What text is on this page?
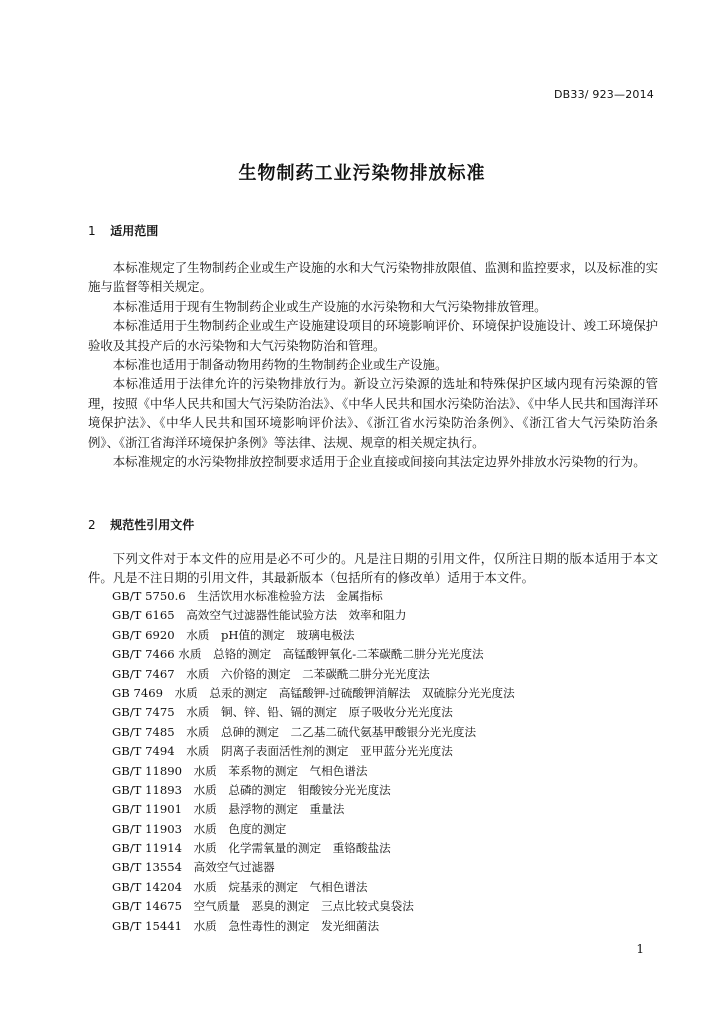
DB33/ 923—2014
生物制药工业污染物排放标准
1 适用范围

本标准规定了生物制药企业或生产设施的水和大气污染物排放限值、监测和监控要求，以及标准的实施与监督等相关规定。

本标准适用于现有生物制药企业或生产设施的水污染物和大气污染物排放管理。

本标准适用于生物制药企业或生产设施建设项目的环境影响评价、环境保护设施设计、竣工环境保护验收及其投产后的水污染物和大气污染物防治和管理。

本标准也适用于制备动物用药物的生物制药企业或生产设施。

本标准适用于法律允许的污染物排放行为。新设立污染源的选址和特殊保护区域内现有污染源的管理，按照《中华人民共和国大气污染防治法》、《中华人民共和国水污染防治法》、《中华人民共和国海洋环境保护法》、《中华人民共和国环境影响评价法》、《浙江省水污染防治条例》、《浙江省大气污染防治条例》、《浙江省海洋环境保护条例》等法律、法规、规章的相关规定执行。

本标准规定的水污染物排放控制要求适用于企业直接或间接向其法定边界外排放水污染物的行为。

2 规范性引用文件

下列文件对于本文件的应用是必不可少的。凡是注日期的引用文件，仅所注日期的版本适用于本文件。凡是不注日期的引用文件，其最新版本（包括所有的修改单）适用于本文件。

GB/T 5750.6　生活饮用水标准检验方法　金属指标
GB/T 6165　高效空气过滤器性能试验方法　效率和阻力
GB/T 6920　水质　pH值的测定　玻璃电极法
GB/T 7466 水质　总铬的测定　高锰酸钾氧化-二苯碳酰二肼分光光度法
GB/T 7467　水质　六价铬的测定　二苯碳酰二肼分光光度法
GB 7469　水质　总汞的测定　高锰酸钾-过硫酸钾消解法　双硫腙分光光度法
GB/T 7475　水质　铜、锌、铅、镉的测定　原子吸收分光光度法
GB/T 7485　水质　总砷的测定　二乙基二硫代氨基甲酸银分光光度法
GB/T 7494　水质　阴离子表面活性剂的测定　亚甲蓝分光光度法
GB/T 11890　水质　苯系物的测定　气相色谱法
GB/T 11893　水质　总磷的测定　钼酸铵分光光度法
GB/T 11901　水质　悬浮物的测定　重量法
GB/T 11903　水质　色度的测定
GB/T 11914　水质　化学需氧量的测定　重铬酸盐法
GB/T 13554　高效空气过滤器
GB/T 14204　水质　烷基汞的测定　气相色谱法
GB/T 14675　空气质量　恶臭的测定　三点比较式臭袋法
GB/T 15441　水质　急性毒性的测定　发光细菌法
1
